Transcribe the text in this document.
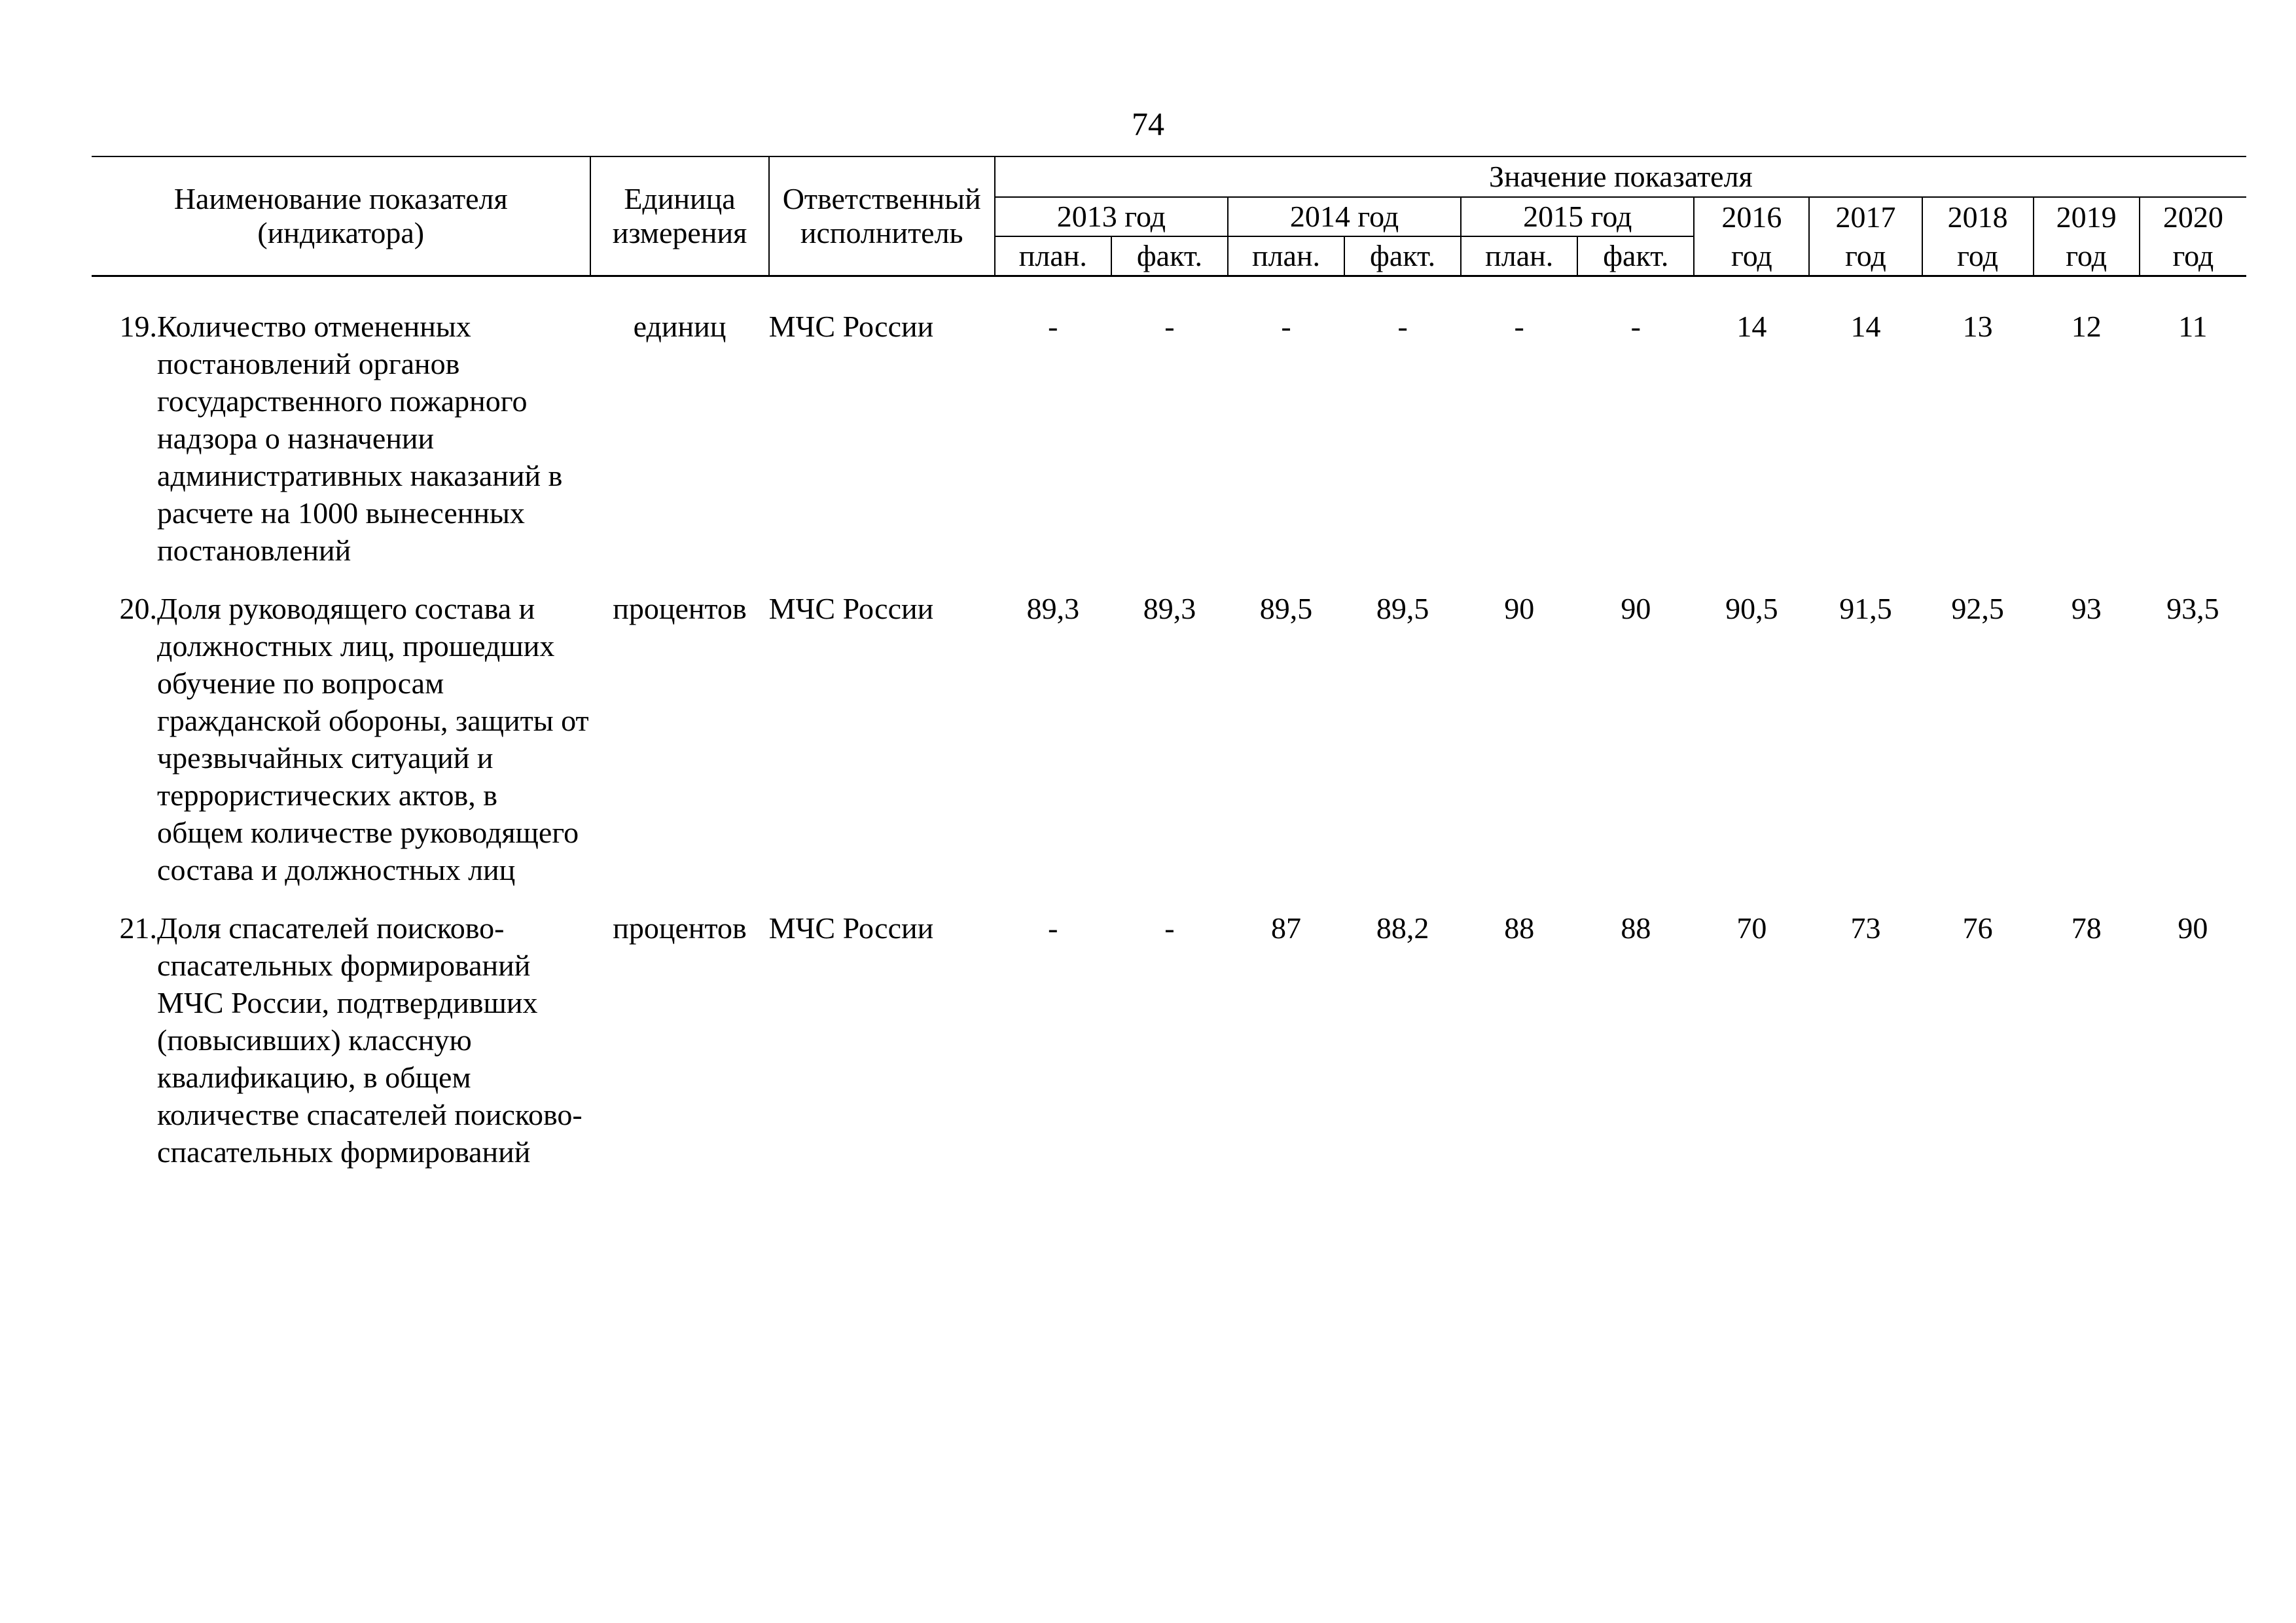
74
Наименование показателя (индикатора)	Единица измерения	Ответственный исполнитель	Значение показателя										
			2013 год		2014 год		2015 год		2016	2017	2018	2019	2020
			план.	факт.	план.	факт.	план.	факт.	год	год	год	год	год
19.	Количество отмененных постановлений органов государственного пожарного надзора о назначении административных наказаний в расчете на 1000 вынесенных постановлений	единиц	МЧС России	-	-	-	-	-	-	14	14	13	12	11

20.	Доля руководящего состава и должностных лиц, прошедших обучение по вопросам гражданской обороны, защиты от чрезвычайных ситуаций и террористических актов, в общем количестве руководящего состава и должностных лиц	процентов	МЧС России	89,3	89,3	89,5	89,5	90	90	90,5	91,5	92,5	93	93,5

21.	Доля спасателей поисково-спасательных формирований МЧС России, подтвердивших (повысивших) классную квалификацию, в общем количестве спасателей поисково-спасательных формирований	процентов	МЧС России	-	-	87	88,2	88	88	70	73	76	78	90
